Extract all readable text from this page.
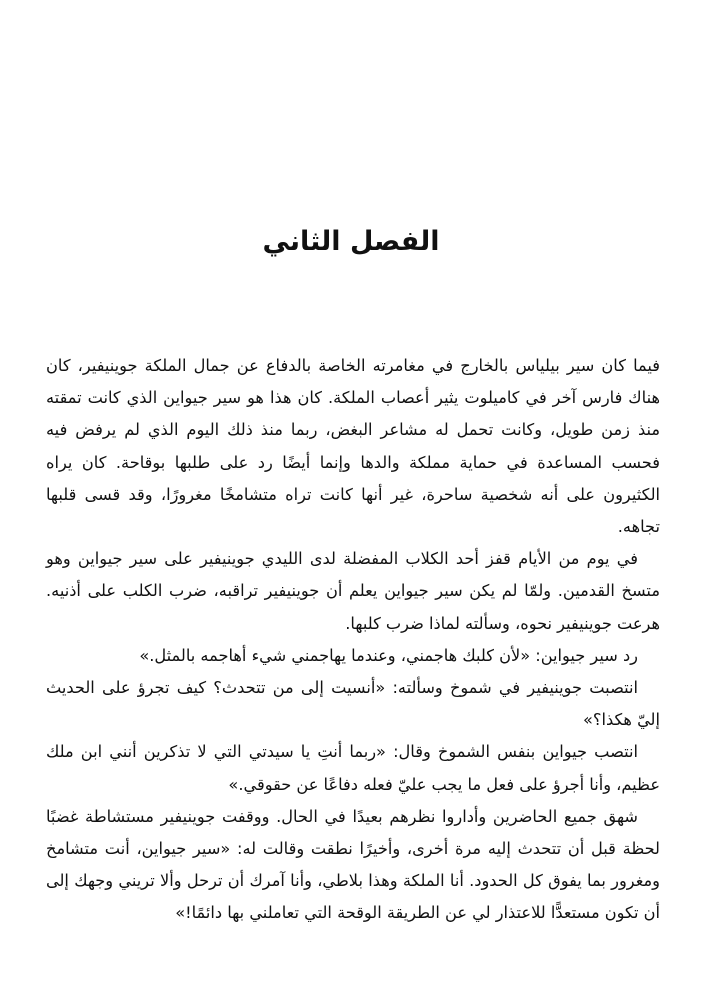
الفصل الثاني

فيما كان سير بيلياس بالخارج في مغامرته الخاصة بالدفاع عن جمال الملكة جوينيفير، كان هناك فارس آخر في كاميلوت يثير أعصاب الملكة. كان هذا هو سير جيواين الذي كانت تمقته منذ زمن طويل، وكانت تحمل له مشاعر البغض، ربما منذ ذلك اليوم الذي لم يرفض فيه فحسب المساعدة في حماية مملكة والدها وإنما أيضًا رد على طلبها بوقاحة. كان يراه الكثيرون على أنه شخصية ساحرة، غير أنها كانت تراه متشامخًا مغرورًا، وقد قسى قلبها تجاهه.

في يوم من الأيام قفز أحد الكلاب المفضلة لدى الليدي جوينيفير على سير جيواين وهو متسخ القدمين. ولمّا لم يكن سير جيواين يعلم أن جوينيفير تراقبه، ضرب الكلب على أذنيه. هرعت جوينيفير نحوه، وسألته لماذا ضرب كلبها.

رد سير جيواين: «لأن كلبك هاجمني، وعندما يهاجمني شيء أهاجمه بالمثل.»

انتصبت جوينيفير في شموخ وسألته: «أنسيت إلى من تتحدث؟ كيف تجرؤ على الحديث إليّ هكذا؟»

انتصب جيواين بنفس الشموخ وقال: «ربما أنتِ يا سيدتي التي لا تذكرين أنني ابن ملك عظيم، وأنا أجرؤ على فعل ما يجب عليّ فعله دفاعًا عن حقوقي.»

شهق جميع الحاضرين وأداروا نظرهم بعيدًا في الحال. ووقفت جوينيفير مستشاطة غضبًا لحظة قبل أن تتحدث إليه مرة أخرى، وأخيرًا نطقت وقالت له: «سير جيواين، أنت متشامخ ومغرور بما يفوق كل الحدود. أنا الملكة وهذا بلاطي، وأنا آمرك أن ترحل وألا تريني وجهك إلى أن تكون مستعدًّا للاعتذار لي عن الطريقة الوقحة التي تعاملني بها دائمًا!»
